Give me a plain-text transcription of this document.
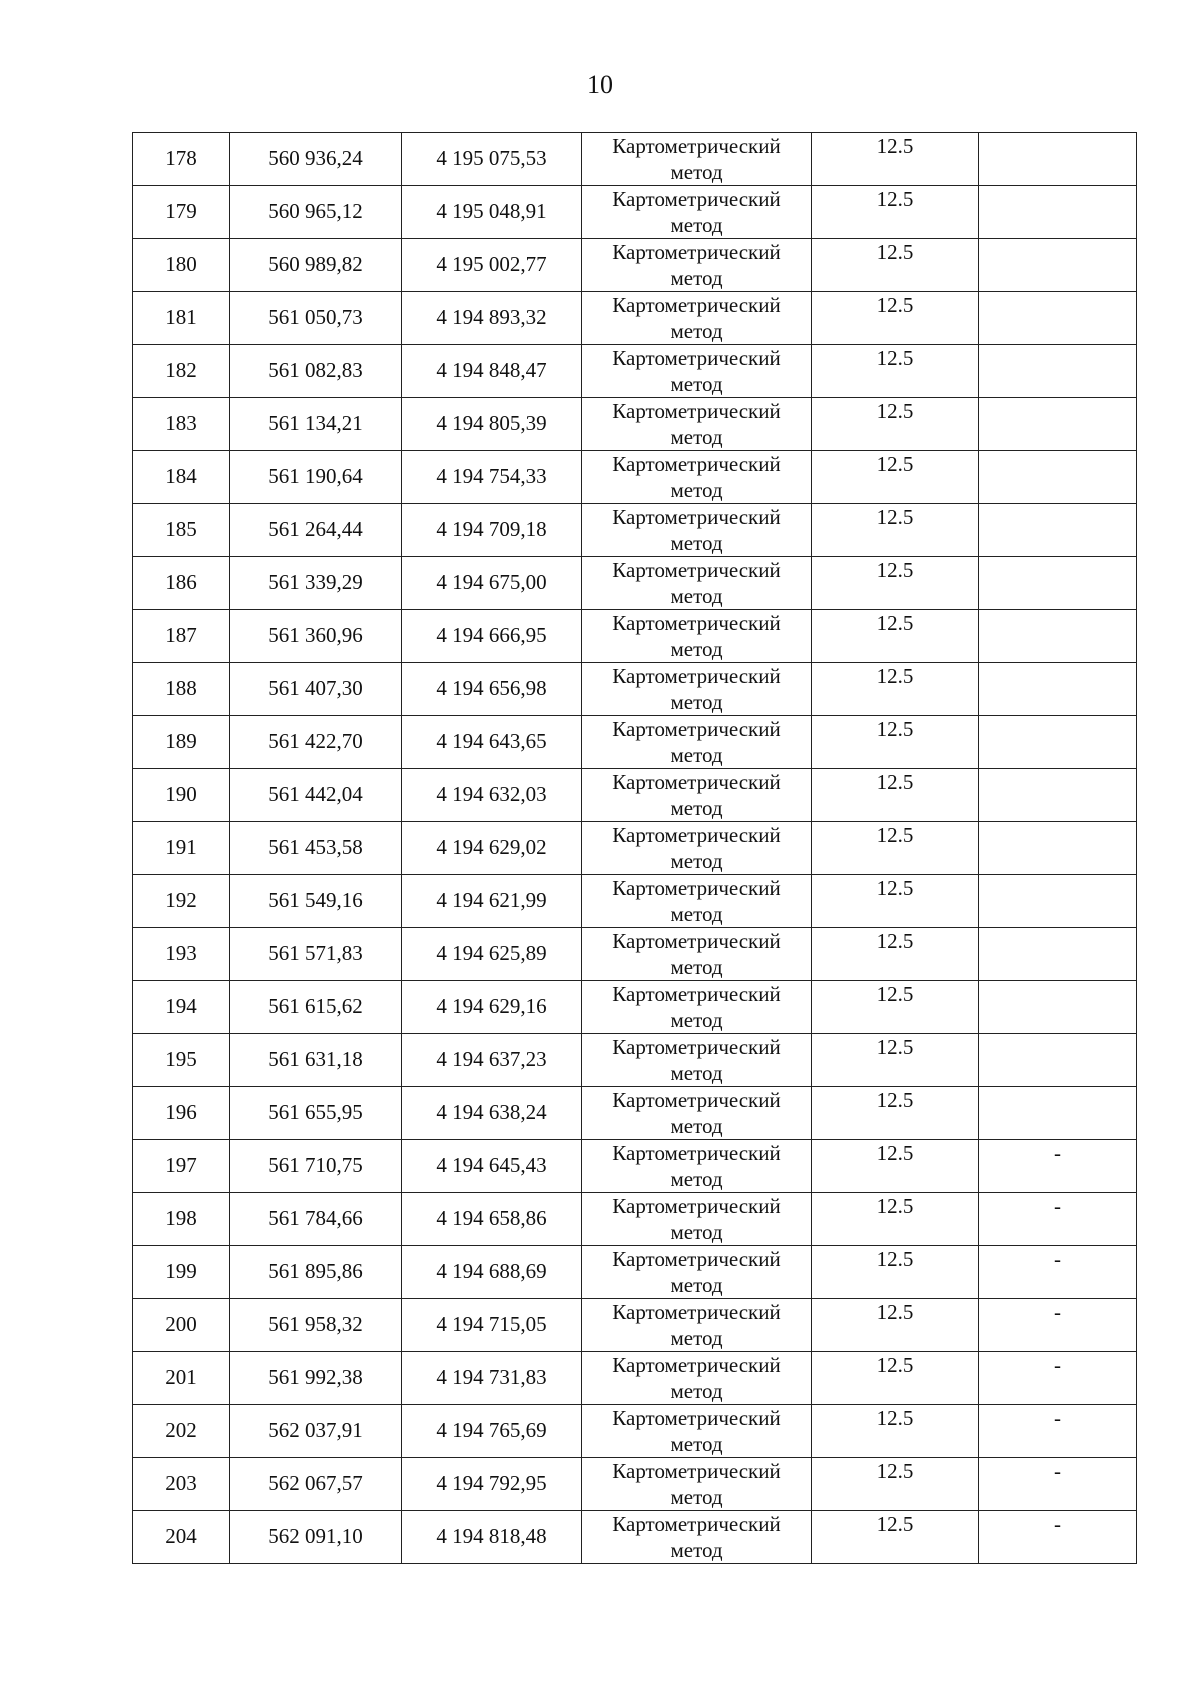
10
178	560 936,24	4 195 075,53	Картометрический
метод	12.5	
179	560 965,12	4 195 048,91	Картометрический
метод	12.5	
180	560 989,82	4 195 002,77	Картометрический
метод	12.5	
181	561 050,73	4 194 893,32	Картометрический
метод	12.5	
182	561 082,83	4 194 848,47	Картометрический
метод	12.5	
183	561 134,21	4 194 805,39	Картометрический
метод	12.5	
184	561 190,64	4 194 754,33	Картометрический
метод	12.5	
185	561 264,44	4 194 709,18	Картометрический
метод	12.5	
186	561 339,29	4 194 675,00	Картометрический
метод	12.5	
187	561 360,96	4 194 666,95	Картометрический
метод	12.5	
188	561 407,30	4 194 656,98	Картометрический
метод	12.5	
189	561 422,70	4 194 643,65	Картометрический
метод	12.5	
190	561 442,04	4 194 632,03	Картометрический
метод	12.5	
191	561 453,58	4 194 629,02	Картометрический
метод	12.5	
192	561 549,16	4 194 621,99	Картометрический
метод	12.5	
193	561 571,83	4 194 625,89	Картометрический
метод	12.5	
194	561 615,62	4 194 629,16	Картометрический
метод	12.5	
195	561 631,18	4 194 637,23	Картометрический
метод	12.5	
196	561 655,95	4 194 638,24	Картометрический
метод	12.5	
197	561 710,75	4 194 645,43	Картометрический
метод	12.5	-
198	561 784,66	4 194 658,86	Картометрический
метод	12.5	-
199	561 895,86	4 194 688,69	Картометрический
метод	12.5	-
200	561 958,32	4 194 715,05	Картометрический
метод	12.5	-
201	561 992,38	4 194 731,83	Картометрический
метод	12.5	-
202	562 037,91	4 194 765,69	Картометрический
метод	12.5	-
203	562 067,57	4 194 792,95	Картометрический
метод	12.5	-
204	562 091,10	4 194 818,48	Картометрический
метод	12.5	-
